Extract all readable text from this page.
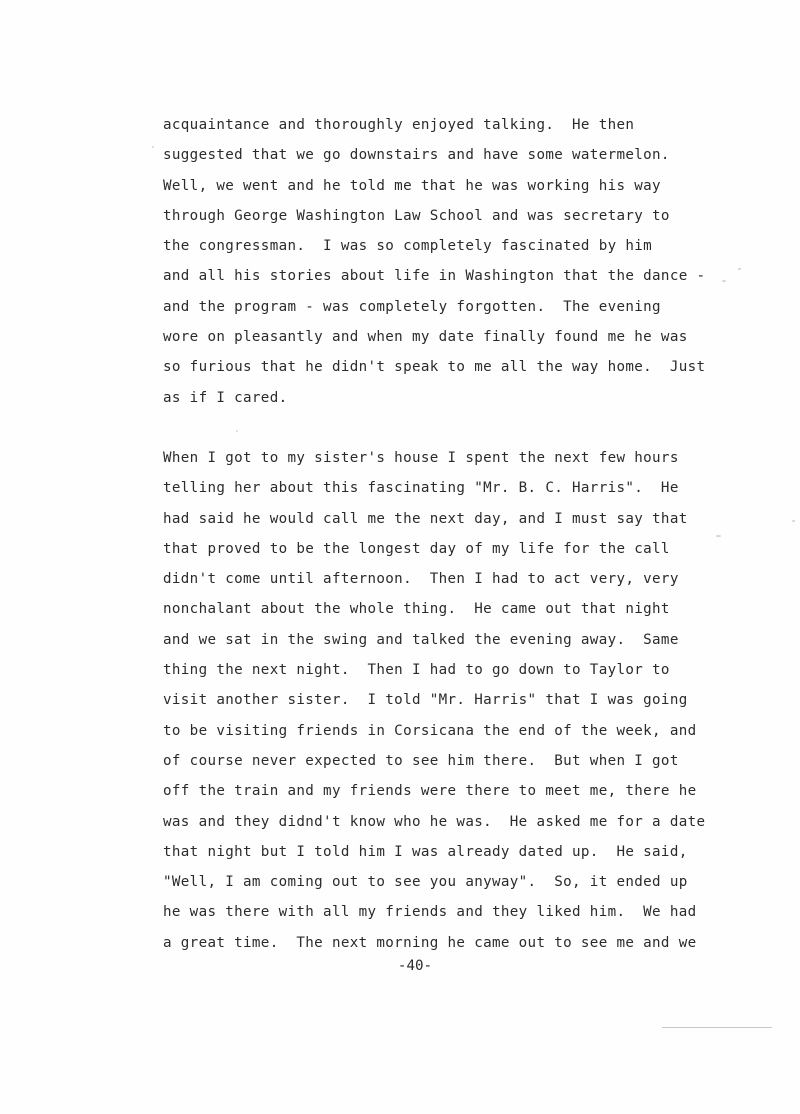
acquaintance and thoroughly enjoyed talking.  He then
suggested that we go downstairs and have some watermelon.
Well, we went and he told me that he was working his way
through George Washington Law School and was secretary to
the congressman.  I was so completely fascinated by him
and all his stories about life in Washington that the dance -
and the program - was completely forgotten.  The evening
wore on pleasantly and when my date finally found me he was
so furious that he didn't speak to me all the way home.  Just
as if I cared.
When I got to my sister's house I spent the next few hours
telling her about this fascinating "Mr. B. C. Harris".  He
had said he would call me the next day, and I must say that
that proved to be the longest day of my life for the call
didn't come until afternoon.  Then I had to act very, very
nonchalant about the whole thing.  He came out that night
and we sat in the swing and talked the evening away.  Same
thing the next night.  Then I had to go down to Taylor to
visit another sister.  I told "Mr. Harris" that I was going
to be visiting friends in Corsicana the end of the week, and
of course never expected to see him there.  But when I got
off the train and my friends were there to meet me, there he
was and they didnd't know who he was.  He asked me for a date
that night but I told him I was already dated up.  He said,
"Well, I am coming out to see you anyway".  So, it ended up
he was there with all my friends and they liked him.  We had
a great time.  The next morning he came out to see me and we
-40-
